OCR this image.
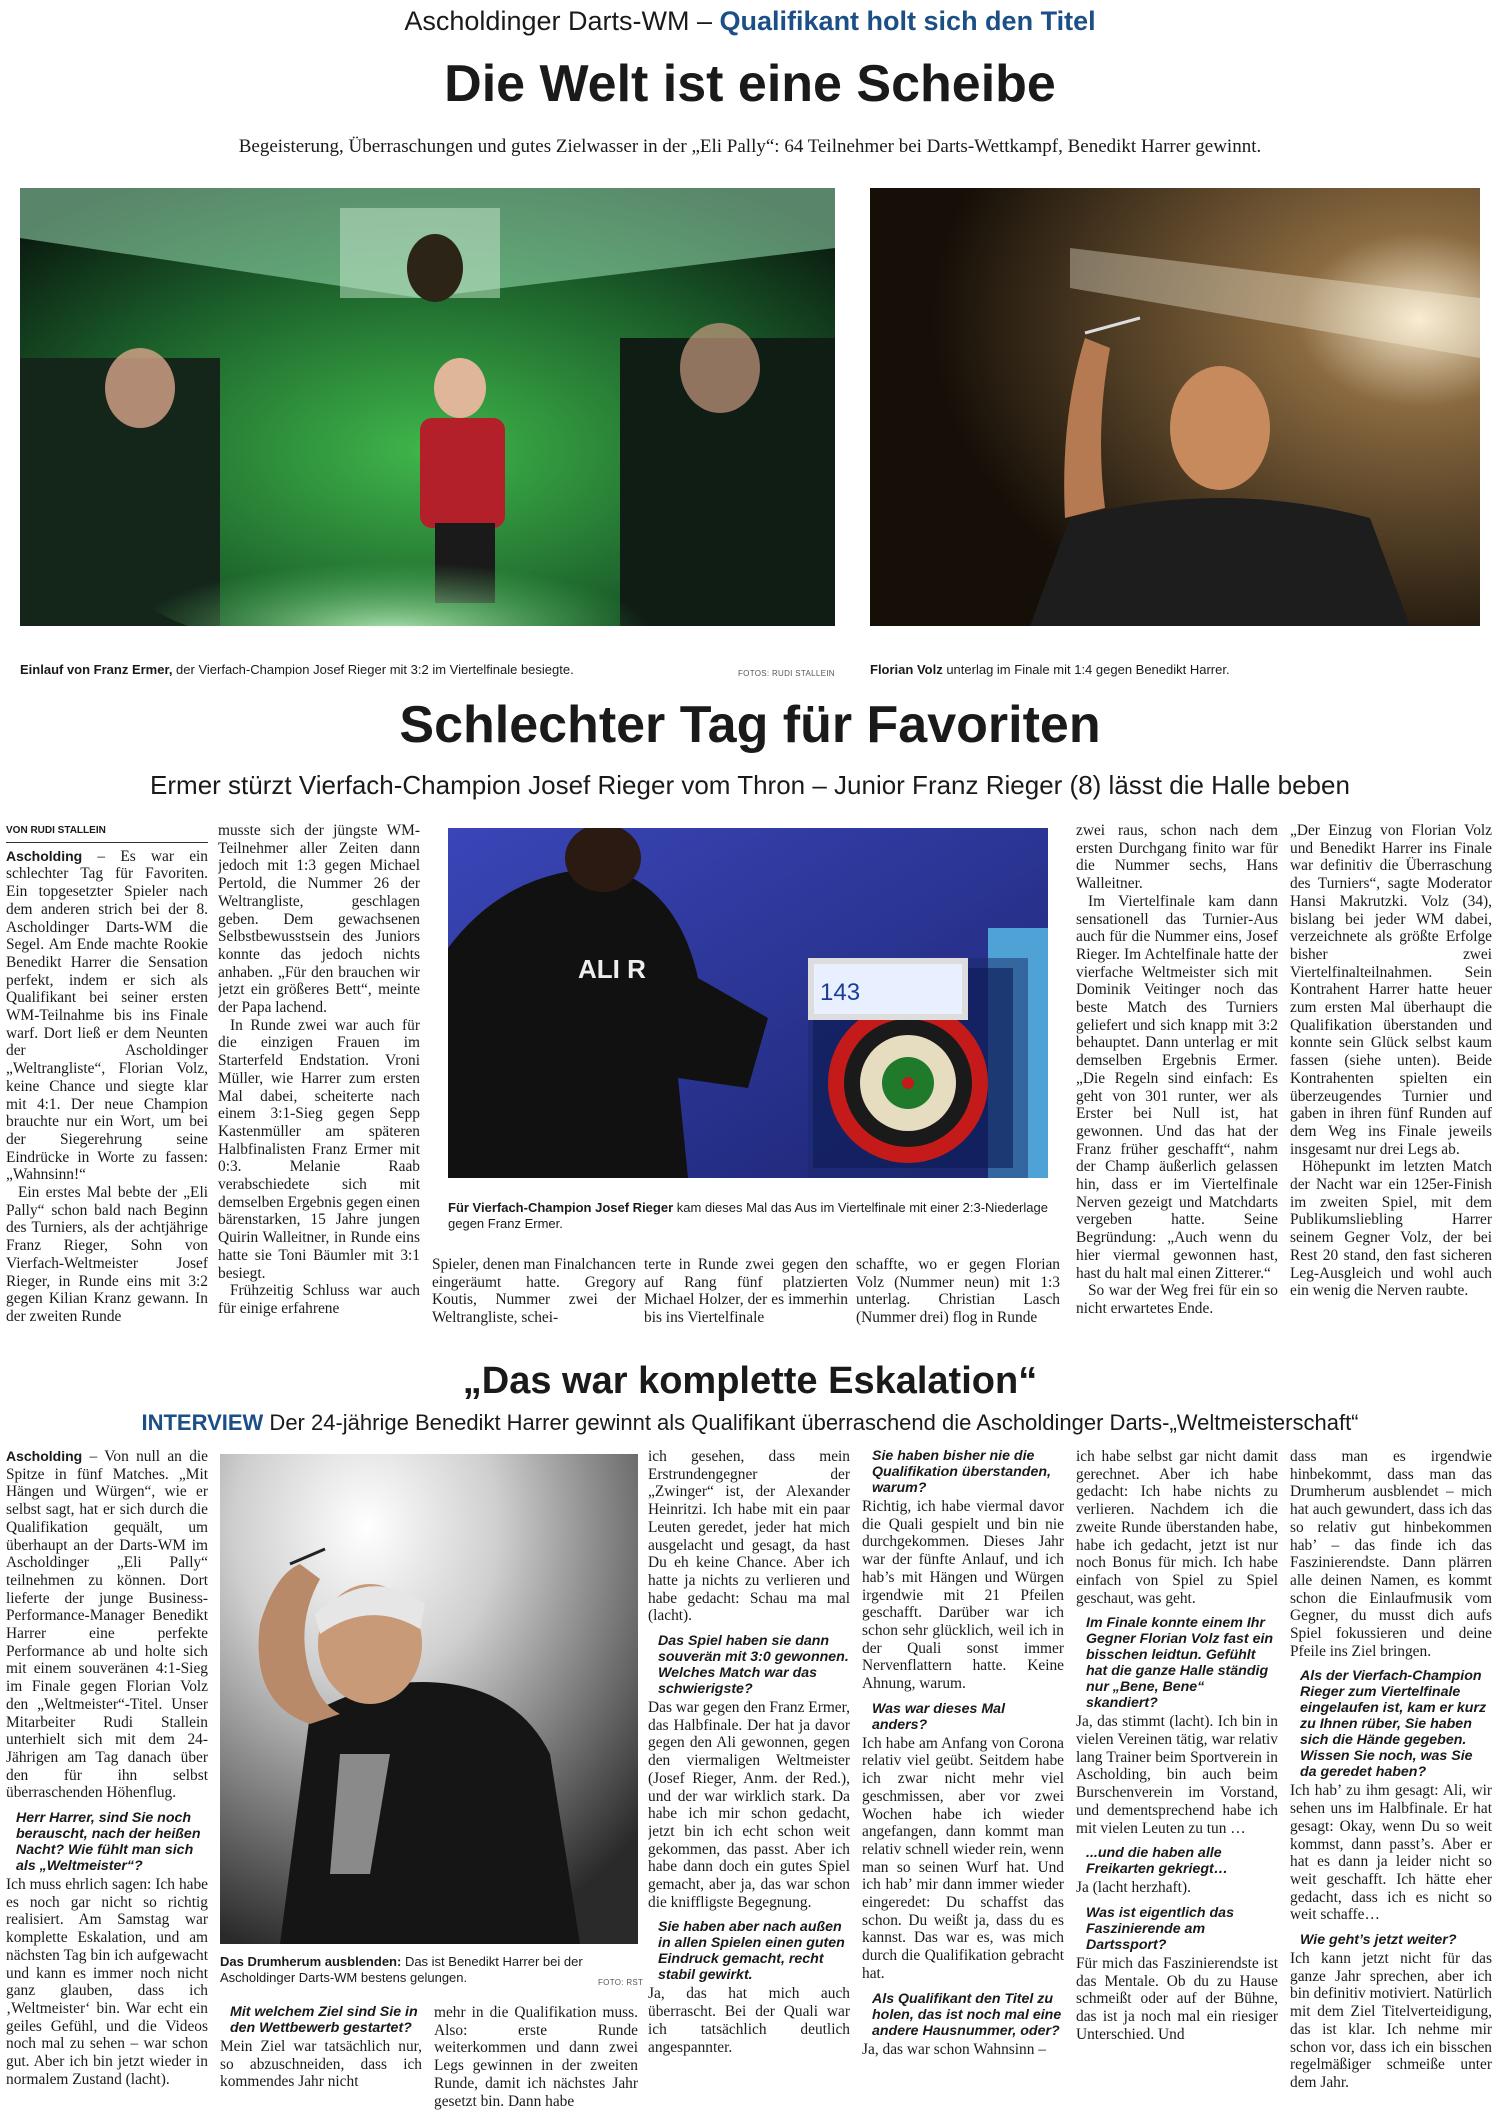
Ascholdinger Darts-WM – Qualifikant holt sich den Titel
Die Welt ist eine Scheibe
Begeisterung, Überraschungen und gutes Zielwasser in der „Eli Pally“: 64 Teilnehmer bei Darts-Wettkampf, Benedikt Harrer gewinnt.
Einlauf von Franz Ermer, der Vierfach-Champion Josef Rieger mit 3:2 im Viertelfinale besiegte.	FOTOS: RUDI STALLEIN	Florian Volz unterlag im Finale mit 1:4 gegen Benedikt Harrer.
Schlechter Tag für Favoriten
Ermer stürzt Vierfach-Champion Josef Rieger vom Thron – Junior Franz Rieger (8) lässt die Halle beben
VON RUDI STALLEIN

Ascholding – Es war ein schlechter Tag für Favoriten. Ein topgesetzter Spieler nach dem anderen strich bei der 8. Ascholdinger Darts-WM die Segel. Am Ende machte Rookie Benedikt Harrer die Sensation perfekt, indem er sich als Qualifikant bei seiner ersten WM-Teilnahme bis ins Finale warf. Dort ließ er dem Neunten der Ascholdinger „Weltrangliste“, Florian Volz, keine Chance und siegte klar mit 4:1. Der neue Champion brauchte nur ein Wort, um bei der Siegerehrung seine Eindrücke in Worte zu fassen: „Wahnsinn!“

Ein erstes Mal bebte der „Eli Pally“ schon bald nach Beginn des Turniers, als der achtjährige Franz Rieger, Sohn von Vierfach-Weltmeister Josef Rieger, in Runde eins mit 3:2 gegen Kilian Kranz gewann. In der zweiten Runde

musste sich der jüngste WM-Teilnehmer aller Zeiten dann jedoch mit 1:3 gegen Michael Pertold, die Nummer 26 der Weltrangliste, geschlagen geben. Dem gewachsenen Selbstbewusstsein des Juniors konnte das jedoch nichts anhaben. „Für den brauchen wir jetzt ein größeres Bett“, meinte der Papa lachend.

In Runde zwei war auch für die einzigen Frauen im Starterfeld Endstation. Vroni Müller, wie Harrer zum ersten Mal dabei, scheiterte nach einem 3:1-Sieg gegen Sepp Kastenmüller am späteren Halbfinalisten Franz Ermer mit 0:3. Melanie Raab verabschiedete sich mit demselben Ergebnis gegen einen bärenstarken, 15 Jahre jungen Quirin Walleitner, in Runde eins hatte sie Toni Bäumler mit 3:1 besiegt.

Frühzeitig Schluss war auch für einige erfahrene

143
ALI R
Für Vierfach-Champion Josef Rieger kam dieses Mal das Aus im Viertelfinale mit einer 2:3-Niederlage gegen Franz Ermer.

Spieler, denen man Finalchancen eingeräumt hatte. Gregory Koutis, Nummer zwei der Weltrangliste, schei-

terte in Runde zwei gegen den auf Rang fünf platzierten Michael Holzer, der es immerhin bis ins Viertelfinale

schaffte, wo er gegen Florian Volz (Nummer neun) mit 1:3 unterlag. Christian Lasch (Nummer drei) flog in Runde

zwei raus, schon nach dem ersten Durchgang finito war für die Nummer sechs, Hans Walleitner.

Im Viertelfinale kam dann sensationell das Turnier-Aus auch für die Nummer eins, Josef Rieger. Im Achtelfinale hatte der vierfache Weltmeister sich mit Dominik Veitinger noch das beste Match des Turniers geliefert und sich knapp mit 3:2 behauptet. Dann unterlag er mit demselben Ergebnis Ermer. „Die Regeln sind einfach: Es geht von 301 runter, wer als Erster bei Null ist, hat gewonnen. Und das hat der Franz früher geschafft“, nahm der Champ äußerlich gelassen hin, dass er im Viertelfinale Nerven gezeigt und Matchdarts vergeben hatte. Seine Begründung: „Auch wenn du hier viermal gewonnen hast, hast du halt mal einen Zitterer.“

So war der Weg frei für ein so nicht erwartetes Ende.

„Der Einzug von Florian Volz und Benedikt Harrer ins Finale war definitiv die Überraschung des Turniers“, sagte Moderator Hansi Makrutzki. Volz (34), bislang bei jeder WM dabei, verzeichnete als größte Erfolge bisher zwei Viertelfinalteilnahmen. Sein Kontrahent Harrer hatte heuer zum ersten Mal überhaupt die Qualifikation überstanden und konnte sein Glück selbst kaum fassen (siehe unten). Beide Kontrahenten spielten ein überzeugendes Turnier und gaben in ihren fünf Runden auf dem Weg ins Finale jeweils insgesamt nur drei Legs ab.

Höhepunkt im letzten Match der Nacht war ein 125er-Finish im zweiten Spiel, mit dem Publikumsliebling Harrer seinem Gegner Volz, der bei Rest 20 stand, den fast sicheren Leg-Ausgleich und wohl auch ein wenig die Nerven raubte.

„Das war komplette Eskalation“
INTERVIEW Der 24-jährige Benedikt Harrer gewinnt als Qualifikant überraschend die Ascholdinger Darts-„Weltmeisterschaft“

Ascholding – Von null an die Spitze in fünf Matches. „Mit Hängen und Würgen“, wie er selbst sagt, hat er sich durch die Qualifikation gequält, um überhaupt an der Darts-WM im Ascholdinger „Eli Pally“ teilnehmen zu können. Dort lieferte der junge Business-Performance-Manager Benedikt Harrer eine perfekte Performance ab und holte sich mit einem souveränen 4:1-Sieg im Finale gegen Florian Volz den „Weltmeister“-Titel. Unser Mitarbeiter Rudi Stallein unterhielt sich mit dem 24-Jährigen am Tag danach über den für ihn selbst überraschenden Höhenflug.

Herr Harrer, sind Sie noch berauscht, nach der heißen Nacht? Wie fühlt man sich als „Weltmeister“?

Ich muss ehrlich sagen: Ich habe es noch gar nicht so richtig realisiert. Am Samstag war komplette Eskalation, und am nächsten Tag bin ich aufgewacht und kann es immer noch nicht ganz glauben, dass ich ‚Weltmeister‘ bin. War echt ein geiles Gefühl, und die Videos noch mal zu sehen – war schon gut. Aber ich bin jetzt wieder in normalem Zustand (lacht).

Das Drumherum ausblenden: Das ist Benedikt Harrer bei der Ascholdinger Darts-WM bestens gelungen.	FOTO: RST
Mit welchem Ziel sind Sie in den Wettbewerb gestartet?

Mein Ziel war tatsächlich nur, so abzuschneiden, dass ich kommendes Jahr nicht

mehr in die Qualifikation muss. Also: erste Runde weiterkommen und dann zwei Legs gewinnen in der zweiten Runde, damit ich nächstes Jahr gesetzt bin. Dann habe

ich gesehen, dass mein Erstrundengegner der „Zwinger“ ist, der Alexander Heinritzi. Ich habe mit ein paar Leuten geredet, jeder hat mich ausgelacht und gesagt, da hast Du eh keine Chance. Aber ich hatte ja nichts zu verlieren und habe gedacht: Schau ma mal (lacht).

Das Spiel haben sie dann souverän mit 3:0 gewonnen. Welches Match war das schwierigste?

Das war gegen den Franz Ermer, das Halbfinale. Der hat ja davor gegen den Ali gewonnen, gegen den viermaligen Weltmeister (Josef Rieger, Anm. der Red.), und der war wirklich stark. Da habe ich mir schon gedacht, jetzt bin ich echt schon weit gekommen, das passt. Aber ich habe dann doch ein gutes Spiel gemacht, aber ja, das war schon die kniffligste Begegnung.

Sie haben aber nach außen in allen Spielen einen guten Eindruck gemacht, recht stabil gewirkt.

Ja, das hat mich auch überrascht. Bei der Quali war ich tatsächlich deutlich angespannter.

Sie haben bisher nie die Qualifikation überstanden, warum?

Richtig, ich habe viermal davor die Quali gespielt und bin nie durchgekommen. Dieses Jahr war der fünfte Anlauf, und ich hab’s mit Hängen und Würgen irgendwie mit 21 Pfeilen geschafft. Darüber war ich schon sehr glücklich, weil ich in der Quali sonst immer Nervenflattern hatte. Keine Ahnung, warum.

Was war dieses Mal anders?

Ich habe am Anfang von Corona relativ viel geübt. Seitdem habe ich zwar nicht mehr viel geschmissen, aber vor zwei Wochen habe ich wieder angefangen, dann kommt man relativ schnell wieder rein, wenn man so seinen Wurf hat. Und ich hab’ mir dann immer wieder eingeredet: Du schaffst das schon. Du weißt ja, dass du es kannst. Das war es, was mich durch die Qualifikation gebracht hat.

Als Qualifikant den Titel zu holen, das ist noch mal eine andere Hausnummer, oder?

Ja, das war schon Wahnsinn –

ich habe selbst gar nicht damit gerechnet. Aber ich habe gedacht: Ich habe nichts zu verlieren. Nachdem ich die zweite Runde überstanden habe, habe ich gedacht, jetzt ist nur noch Bonus für mich. Ich habe einfach von Spiel zu Spiel geschaut, was geht.

Im Finale konnte einem Ihr Gegner Florian Volz fast ein bisschen leidtun. Gefühlt hat die ganze Halle ständig nur „Bene, Bene“ skandiert?

Ja, das stimmt (lacht). Ich bin in vielen Vereinen tätig, war relativ lang Trainer beim Sportverein in Ascholding, bin auch beim Burschenverein im Vorstand, und dementsprechend habe ich mit vielen Leuten zu tun …

...und die haben alle Freikarten gekriegt…

Ja (lacht herzhaft).

Was ist eigentlich das Faszinierende am Dartssport?

Für mich das Faszinierendste ist das Mentale. Ob du zu Hause schmeißt oder auf der Bühne, das ist ja noch mal ein riesiger Unterschied. Und

dass man es irgendwie hinbekommt, dass man das Drumherum ausblendet – mich hat auch gewundert, dass ich das so relativ gut hinbekommen hab’ – das finde ich das Faszinierendste. Dann plärren alle deinen Namen, es kommt schon die Einlaufmusik vom Gegner, du musst dich aufs Spiel fokussieren und deine Pfeile ins Ziel bringen.

Als der Vierfach-Champion Rieger zum Viertelfinale eingelaufen ist, kam er kurz zu Ihnen rüber, Sie haben sich die Hände gegeben. Wissen Sie noch, was Sie da geredet haben?

Ich hab’ zu ihm gesagt: Ali, wir sehen uns im Halbfinale. Er hat gesagt: Okay, wenn Du so weit kommst, dann passt’s. Aber er hat es dann ja leider nicht so weit geschafft. Ich hätte eher gedacht, dass ich es nicht so weit schaffe…

Wie geht’s jetzt weiter?

Ich kann jetzt nicht für das ganze Jahr sprechen, aber ich bin definitiv motiviert. Natürlich mit dem Ziel Titelverteidigung, das ist klar. Ich nehme mir schon vor, dass ich ein bisschen regelmäßiger schmeiße unter dem Jahr.
